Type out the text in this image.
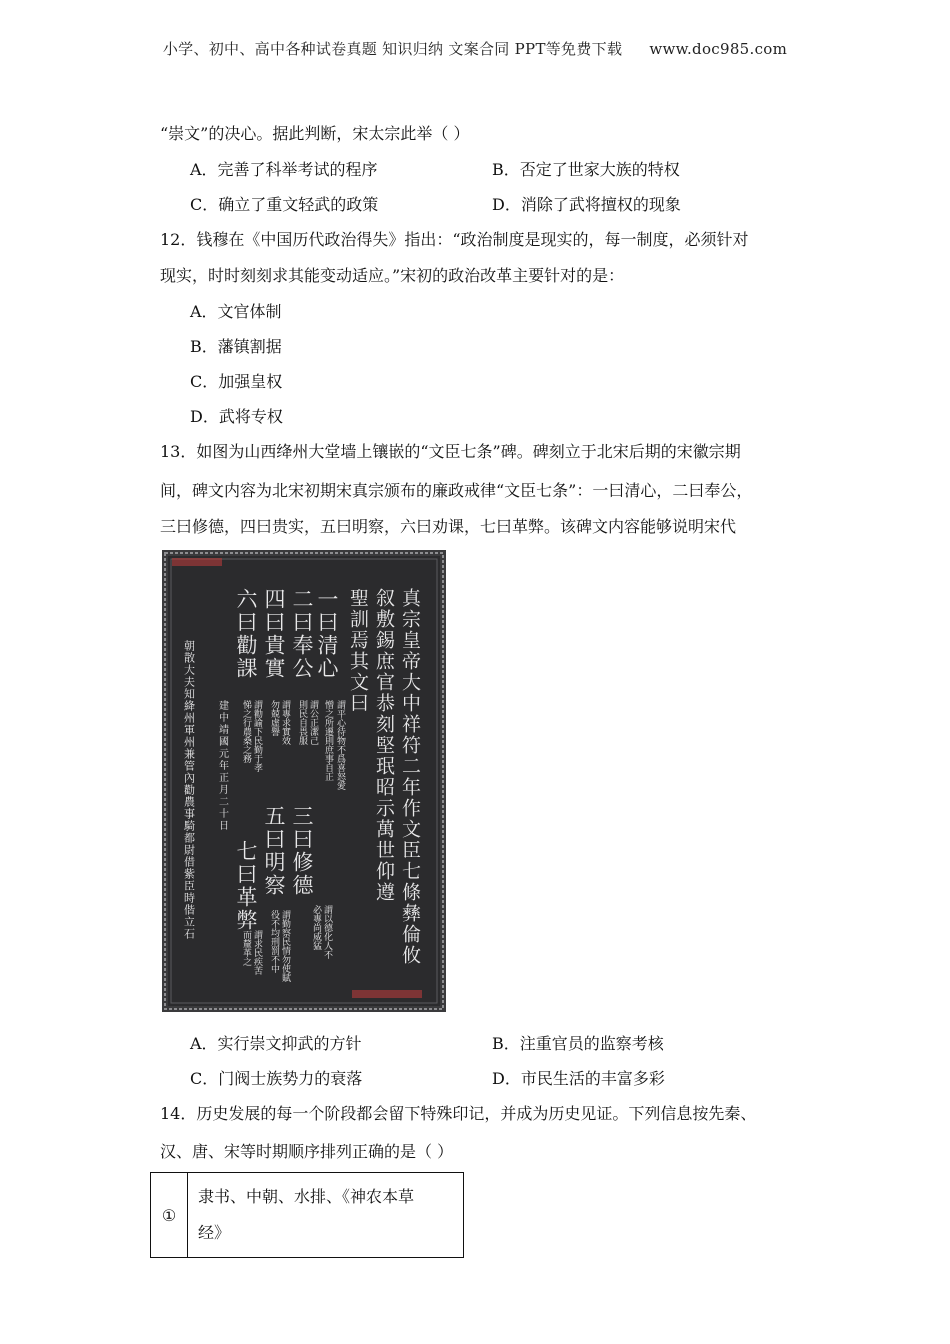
小学、初中、高中各种试卷真题 知识归纳 文案合同 PPT等免费下载 www.doc985.com
“崇文”的决心。据此判断，宋太宗此举（ ）
A．完善了科举考试的程序	B．否定了世家大族的特权
C．确立了重文轻武的政策	D．消除了武将擅权的现象
12．钱穆在《中国历代政治得失》指出：“政治制度是现实的，每一制度，必须针对
现实，时时刻刻求其能变动适应。”宋初的政治改革主要针对的是：
A．文官体制
B．藩镇割据
C．加强皇权
D．武将专权
13．如图为山西绛州大堂墙上镶嵌的“文臣七条”碑。碑刻立于北宋后期的宋徽宗期
间，碑文内容为北宋初期宋真宗颁布的廉政戒律“文臣七条”：一曰清心，二曰奉公，
三曰修德，四曰贵实，五曰明察，六曰劝课，七曰革弊。该碑文内容能够说明宋代
A．实行崇文抑武的方针	B．注重官员的监察考核
C．门阀士族势力的衰落	D．市民生活的丰富多彩
14．历史发展的每一个阶段都会留下特殊印记，并成为历史见证。下列信息按先秦、
汉、唐、宋等时期顺序排列正确的是（ ）
真宗皇帝大中祥符二年作文臣七條彝倫攸
叙敷錫庶官恭刻堅珉昭示萬世仰遵
聖訓焉其文曰
一曰清心
謂平心待物不爲喜怒愛
憎之所遷則庶事自正
二曰奉公
謂公正潔己
則民自畏服
三曰修德
謂以德化人不
必專尚威猛
四曰貴實
謂專求實效
勿兢虛譽
五曰明察
謂勤察民情勿使賦
役不均刑罰不中
六曰勸課
謂勸諭下民勤于孝
悌之行農桑之務
七曰革弊
謂求民疾苦
而釐革之
建中靖國元年正月二十日
朝散大夫知絳州軍州兼管內勸農事騎都尉借紫臣時偕立石
①	
隶书、中朝、水排、《神农本草
经》
